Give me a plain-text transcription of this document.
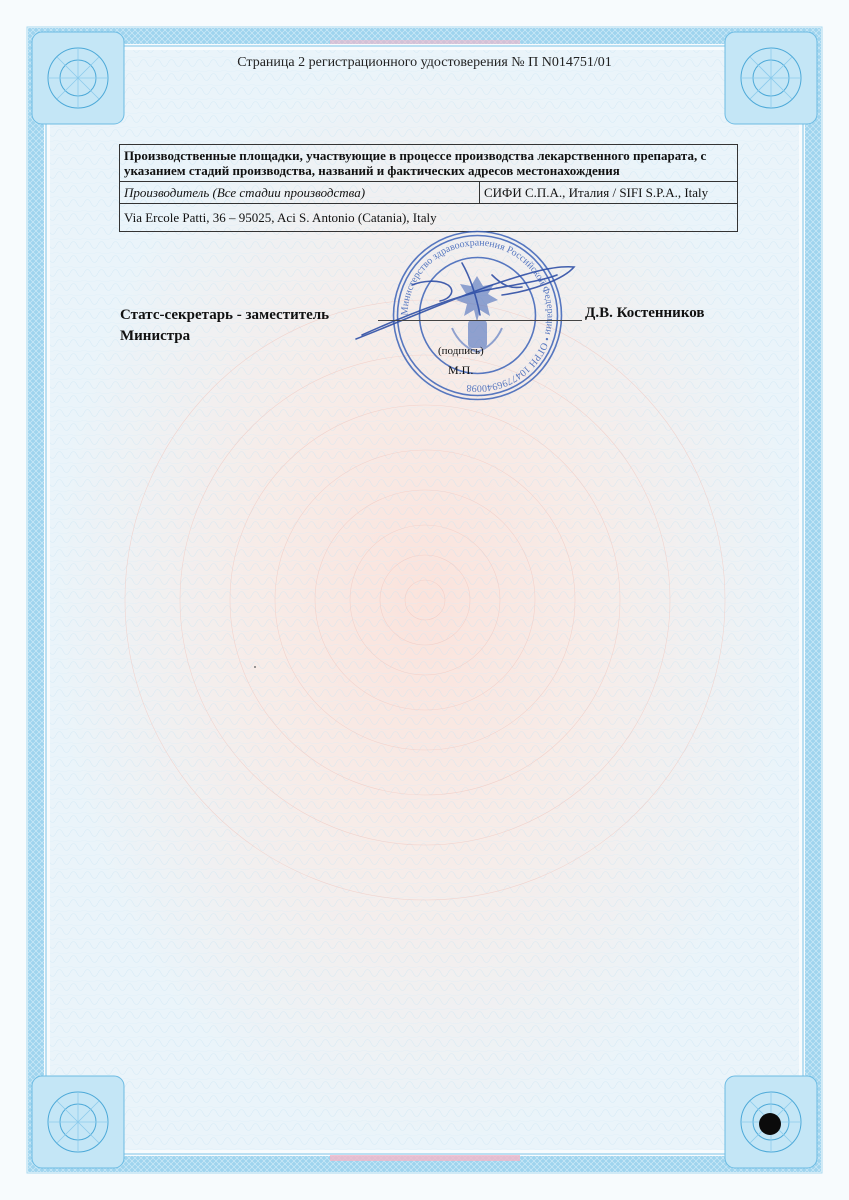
Страница 2 регистрационного удостоверения № П N014751/01
Производственные площадки, участвующие в процессе производства лекарственного препарата, с указанием стадий производства, названий и фактических адресов местонахождения
Производитель (Все стадии производства)	СИФИ С.П.А., Италия / SIFI S.P.A., Italy
Via Ercole Patti, 36 – 95025, Aci S. Antonio (Catania), Italy
Министерство здравоохранения Российской Федерации • ОГРН 1047796940098
Статс-секретарь - заместитель Министра
Д.В. Костенников
(подпись)
М.П.
